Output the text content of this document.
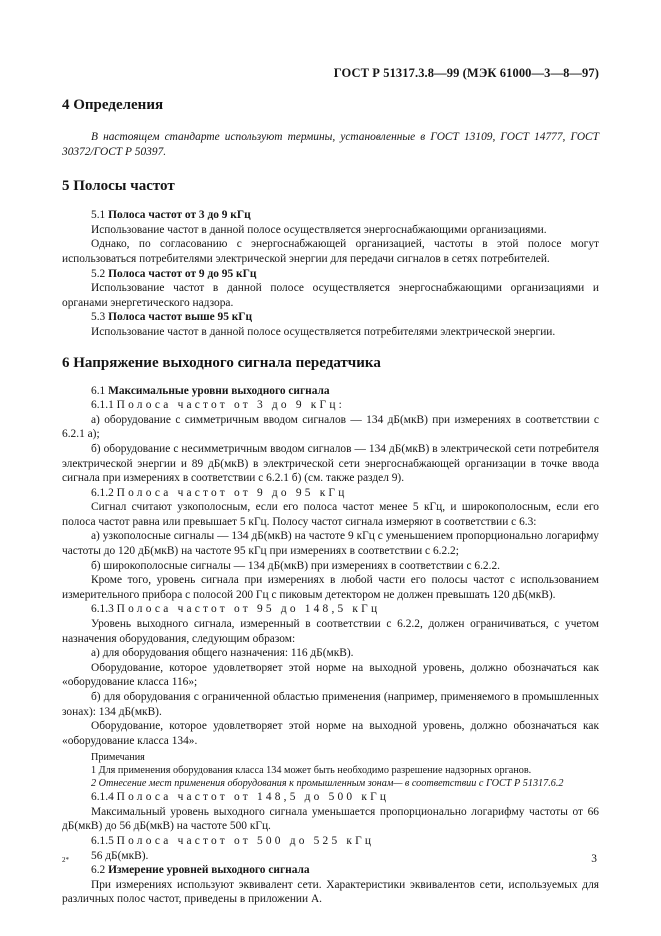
ГОСТ Р 51317.3.8—99 (МЭК 61000—3—8—97)
4 Определения

В настоящем стандарте используют термины, установленные в ГОСТ 13109, ГОСТ 14777, ГОСТ 30372/ГОСТ Р 50397.

5 Полосы частот

5.1 Полоса частот от 3 до 9 кГц

Использование частот в данной полосе осуществляется энергоснабжающими организациями.

Однако, по согласованию с энергоснабжающей организацией, частоты в этой полосе могут использоваться потребителями электрической энергии для передачи сигналов в сетях потребителей.

5.2 Полоса частот от 9 до 95 кГц

Использование частот в данной полосе осуществляется энергоснабжающими организациями и органами энергетического надзора.

5.3 Полоса частот выше 95 кГц

Использование частот в данной полосе осуществляется потребителями электрической энергии.

6 Напряжение выходного сигнала передатчика

6.1 Максимальные уровни выходного сигнала

6.1.1 Полоса частот от 3 до 9 кГц:

а) оборудование с симметричным вводом сигналов — 134 дБ(мкВ) при измерениях в соответствии с 6.2.1 а);

б) оборудование с несимметричным вводом сигналов — 134 дБ(мкВ) в электрической сети потребителя электрической энергии и 89 дБ(мкВ) в электрической сети энергоснабжающей организации в точке ввода сигнала при измерениях в соответствии с 6.2.1 б) (см. также раздел 9).

6.1.2 Полоса частот от 9 до 95 кГц

Сигнал считают узкополосным, если его полоса частот менее 5 кГц, и широкополосным, если его полоса частот равна или превышает 5 кГц. Полосу частот сигнала измеряют в соответствии с 6.3:

а) узкополосные сигналы — 134 дБ(мкВ) на частоте 9 кГц с уменьшением пропорционально логарифму частоты до 120 дБ(мкВ) на частоте 95 кГц при измерениях в соответствии с 6.2.2;

б) широкополосные сигналы — 134 дБ(мкВ) при измерениях в соответствии с 6.2.2.

Кроме того, уровень сигнала при измерениях в любой части его полосы частот с использованием измерительного прибора с полосой 200 Гц с пиковым детектором не должен превышать 120 дБ(мкВ).

6.1.3 Полоса частот от 95 до 148,5 кГц

Уровень выходного сигнала, измеренный в соответствии с 6.2.2, должен ограничиваться, с учетом назначения оборудования, следующим образом:

а) для оборудования общего назначения: 116 дБ(мкВ).

Оборудование, которое удовлетворяет этой норме на выходной уровень, должно обозначаться как «оборудование класса 116»;

б) для оборудования с ограниченной областью применения (например, применяемого в промышленных зонах): 134 дБ(мкВ).

Оборудование, которое удовлетворяет этой норме на выходной уровень, должно обозначаться как «оборудование класса 134».

Примечания

1 Для применения оборудования класса 134 может быть необходимо разрешение надзорных органов.

2 Отнесение мест применения оборудования к промышленным зонам— в соответствии с ГОСТ Р 51317.6.2

6.1.4 Полоса частот от 148,5 до 500 кГц

Максимальный уровень выходного сигнала уменьшается пропорционально логарифму частоты от 66 дБ(мкВ) до 56 дБ(мкВ) на частоте 500 кГц.

6.1.5 Полоса частот от 500 до 525 кГц

56 дБ(мкВ).

6.2 Измерение уровней выходного сигнала

При измерениях используют эквивалент сети. Характеристики эквивалентов сети, используемых для различных полос частот, приведены в приложении А.

2*	3
